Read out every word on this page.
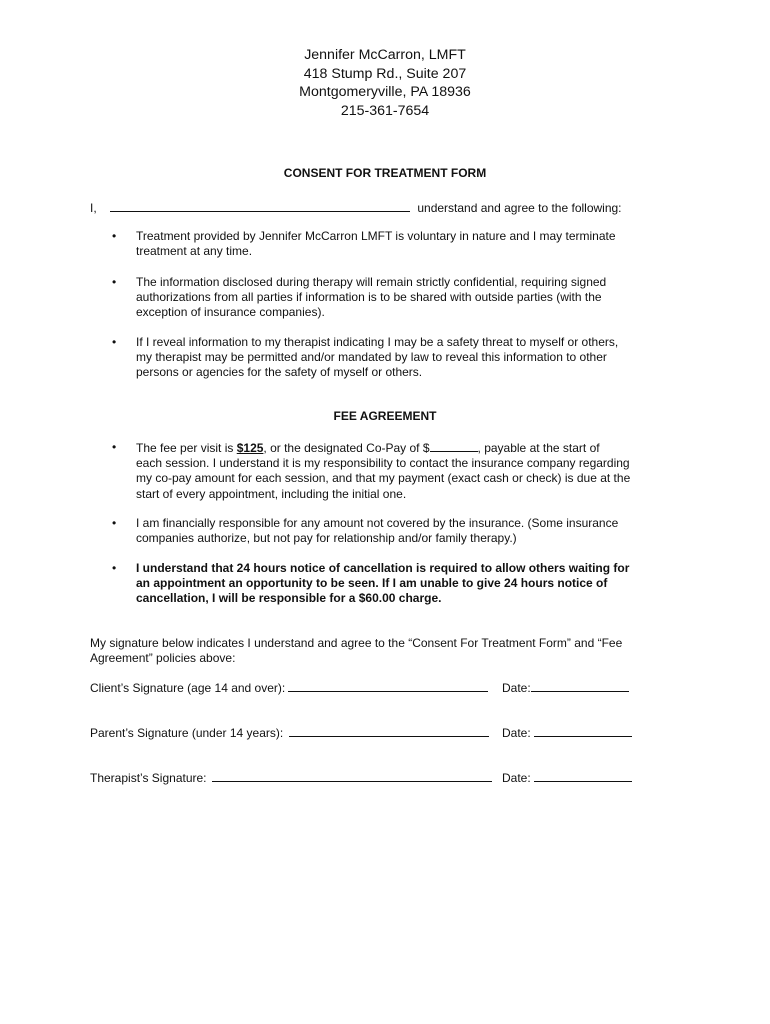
Jennifer McCarron, LMFT
418 Stump Rd., Suite 207
Montgomeryville, PA 18936
215-361-7654
CONSENT FOR TREATMENT FORM
I,	understand and agree to the following:
•	Treatment provided by Jennifer McCarron LMFT is voluntary in nature and I may terminate
treatment at any time.
•	The information disclosed during therapy will remain strictly confidential, requiring signed
authorizations from all parties if information is to be shared with outside parties (with the
exception of insurance companies).
•	If I reveal information to my therapist indicating I may be a safety threat to myself or others,
my therapist may be permitted and/or mandated by law to reveal this information to other
persons or agencies for the safety of myself or others.
FEE AGREEMENT
•	The fee per visit is $125, or the designated Co-Pay of $	, payable at the start of
each session. I understand it is my responsibility to contact the insurance company regarding
my co-pay amount for each session, and that my payment (exact cash or check) is due at the
start of every appointment, including the initial one.
•	I am financially responsible for any amount not covered by the insurance. (Some insurance
companies authorize, but not pay for relationship and/or family therapy.)
•	I understand that 24 hours notice of cancellation is required to allow others waiting for
an appointment an opportunity to be seen. If I am unable to give 24 hours notice of
cancellation, I will be responsible for a $60.00 charge.
My signature below indicates I understand and agree to the “Consent For Treatment Form” and “Fee
Agreement” policies above:
Client’s Signature (age 14 and over):	Date:
Parent’s Signature (under 14 years):	Date:
Therapist’s Signature:	Date:
